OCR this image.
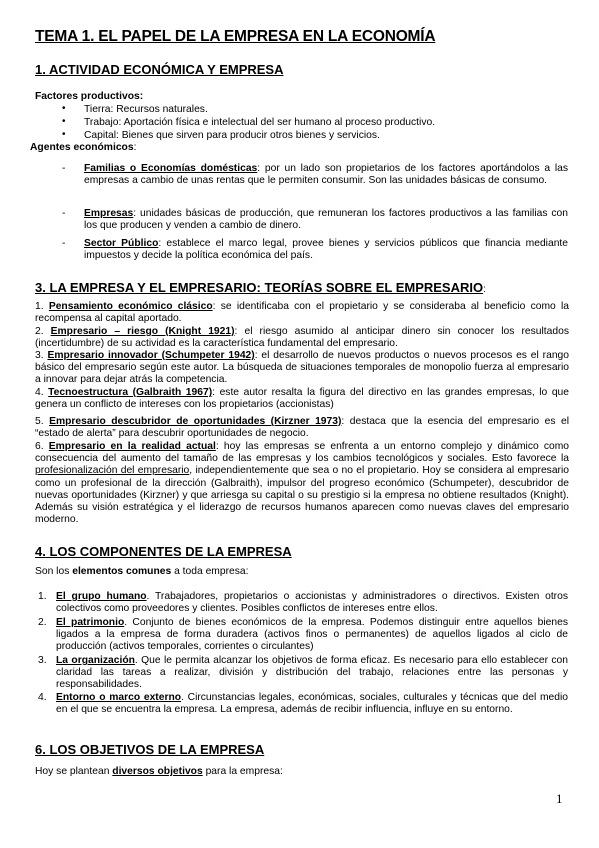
TEMA 1. EL PAPEL DE LA EMPRESA EN LA ECONOMÍA
1. ACTIVIDAD ECONÓMICA Y EMPRESA
Factores productivos:
• Tierra: Recursos naturales.
• Trabajo: Aportación física e intelectual del ser humano al proceso productivo.
• Capital: Bienes que sirven para producir otros bienes y servicios.
Agentes económicos:
- Familias o Economías domésticas: por un lado son propietarios de los factores aportándolos a las empresas a cambio de unas rentas que le permiten consumir. Son las unidades básicas de consumo.
- Empresas: unidades básicas de producción, que remuneran los factores productivos a las familias con los que producen y venden a cambio de dinero.
- Sector Público: establece el marco legal, provee bienes y servicios públicos que financia mediante impuestos y decide la política económica del país.
3. LA EMPRESA Y EL EMPRESARIO: TEORÍAS SOBRE EL EMPRESARIO:
1. Pensamiento económico clásico: se identificaba con el propietario y se consideraba al beneficio como la recompensa al capital aportado.
2. Empresario – riesgo (Knight 1921): el riesgo asumido al anticipar dinero sin conocer los resultados (incertidumbre) de su actividad es la característica fundamental del empresario.
3. Empresario innovador (Schumpeter 1942): el desarrollo de nuevos productos o nuevos procesos es el rango básico del empresario según este autor. La búsqueda de situaciones temporales de monopolio fuerza al empresario a innovar para dejar atrás la competencia.
4. Tecnoestructura (Galbraith 1967): este autor resalta la figura del directivo en las grandes empresas, lo que genera un conflicto de intereses con los propietarios (accionistas)
5. Empresario descubridor de oportunidades (Kirzner 1973): destaca que la esencia del empresario es el “estado de alerta” para descubrir oportunidades de negocio.
6. Empresario en la realidad actual: hoy las empresas se enfrenta a un entorno complejo y dinámico como consecuencia del aumento del tamaño de las empresas y los cambios tecnológicos y sociales. Esto favorece la profesionalización del empresario, independientemente que sea o no el propietario. Hoy se considera al empresario como un profesional de la dirección (Galbraith), impulsor del progreso económico (Schumpeter), descubridor de nuevas oportunidades (Kirzner) y que arriesga su capital o su prestigio si la empresa no obtiene resultados (Knight). Además su visión estratégica y el liderazgo de recursos humanos aparecen como nuevas claves del empresario moderno.
4. LOS COMPONENTES DE LA EMPRESA
Son los elementos comunes a toda empresa:
1. El grupo humano. Trabajadores, propietarios o accionistas y administradores o directivos. Existen otros colectivos como proveedores y clientes. Posibles conflictos de intereses entre ellos.
2. El patrimonio. Conjunto de bienes económicos de la empresa. Podemos distinguir entre aquellos bienes ligados a la empresa de forma duradera (activos finos o permanentes) de aquellos ligados al ciclo de producción (activos temporales, corrientes o circulantes)
3. La organización. Que le permita alcanzar los objetivos de forma eficaz. Es necesario para ello establecer con claridad las tareas a realizar, división y distribución del trabajo, relaciones entre las personas y responsabilidades.
4. Entorno o marco externo. Circunstancias legales, económicas, sociales, culturales y técnicas que del medio en el que se encuentra la empresa. La empresa, además de recibir influencia, influye en su entorno.
6. LOS OBJETIVOS DE LA EMPRESA
Hoy se plantean diversos objetivos para la empresa:
1
